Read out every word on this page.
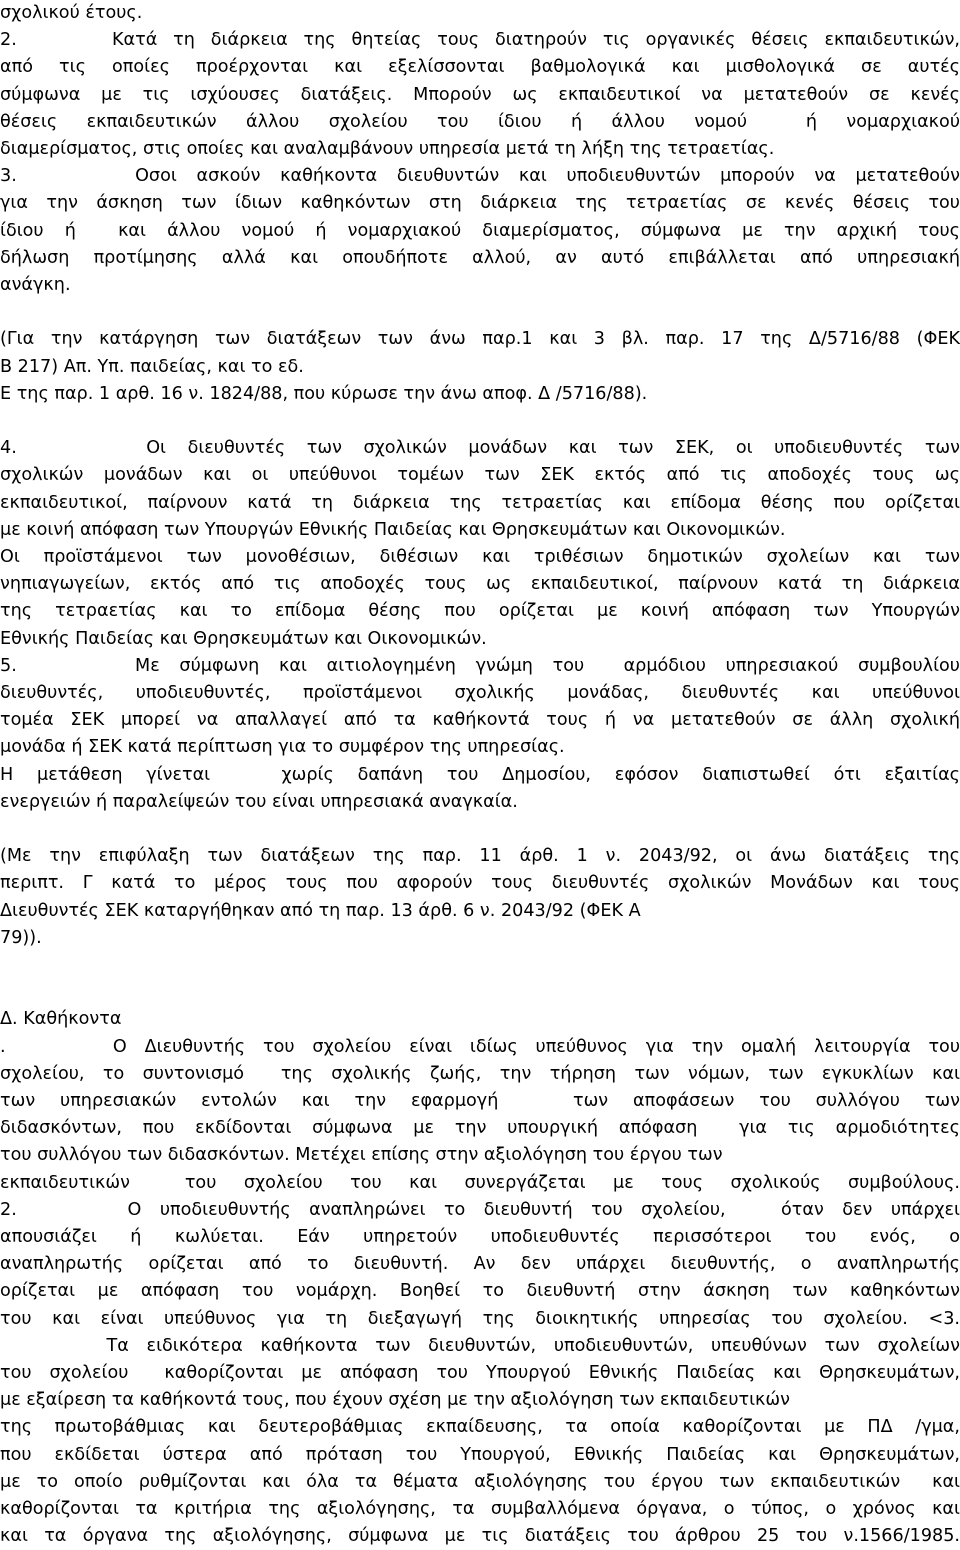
σχολικού έτους.
2.      Κατά τη διάρκεια της θητείας τους διατηρούν τις οργανικές θέσεις εκπαιδευτικών,
από τις οποίες προέρχονται και εξελίσσονται βαθμολογικά και μισθολογικά σε αυτές
σύμφωνα με τις ισχύουσες διατάξεις. Μπορούν ως εκπαιδευτικοί να μετατεθούν σε κενές
θέσεις εκπαιδευτικών άλλου σχολείου του ίδιου ή άλλου νομού  ή νομαρχιακού
διαμερίσματος, στις οποίες και αναλαμβάνουν υπηρεσία μετά τη λήξη της τετραετίας.
3.      Οσοι ασκούν καθήκοντα διευθυντών και υποδιευθυντών μπορούν να μετατεθούν
για την άσκηση των ίδιων καθηκόντων στη διάρκεια της τετραετίας σε κενές θέσεις του
ίδιου ή  και άλλου νομού ή νομαρχιακού διαμερίσματος, σύμφωνα με την αρχική τους
δήλωση προτίμησης αλλά και οπουδήποτε αλλού, αν αυτό επιβάλλεται από υπηρεσιακή
ανάγκη.
(Για την κατάργηση των διατάξεων των άνω παρ.1 και 3 βλ. παρ. 17 της Δ/5716/88 (ΦΕΚ
Β 217) Απ. Υπ. παιδείας, και το εδ.
Ε της παρ. 1 αρθ. 16 ν. 1824/88, που κύρωσε την άνω αποφ. Δ /5716/88).
4.      Οι διευθυντές των σχολικών μονάδων και των ΣΕΚ, οι υποδιευθυντές των
σχολικών μονάδων και οι υπεύθυνοι τομέων των ΣΕΚ εκτός από τις αποδοχές τους ως
εκπαιδευτικοί, παίρνουν κατά τη διάρκεια της τετραετίας και επίδομα θέσης που ορίζεται
με κοινή απόφαση των Υπουργών Εθνικής Παιδείας και Θρησκευμάτων και Οικονομικών.
Οι προϊστάμενοι των μονοθέσιων, διθέσιων και τριθέσιων δημοτικών σχολείων και των
νηπιαγωγείων, εκτός από τις αποδοχές τους ως εκπαιδευτικοί, παίρνουν κατά τη διάρκεια
της τετραετίας και το επίδομα θέσης που ορίζεται με κοινή απόφαση των Υπουργών
Εθνικής Παιδείας και Θρησκευμάτων και Οικονομικών.
5.      Με σύμφωνη και αιτιολογημένη γνώμη του  αρμόδιου υπηρεσιακού συμβουλίου
διευθυντές, υποδιευθυντές, προϊστάμενοι σχολικής μονάδας, διευθυντές και υπεύθυνοι
τομέα ΣΕΚ μπορεί να απαλλαγεί από τα καθήκοντά τους ή να μετατεθούν σε άλλη σχολική
μονάδα ή ΣΕΚ κατά περίπτωση για το συμφέρον της υπηρεσίας.
Η μετάθεση γίνεται   χωρίς δαπάνη του Δημοσίου, εφόσον διαπιστωθεί ότι εξαιτίας
ενεργειών ή παραλείψεών του είναι υπηρεσιακά αναγκαία.
(Με την επιφύλαξη των διατάξεων της παρ. 11 άρθ. 1 ν. 2043/92, οι άνω διατάξεις της
περιπτ. Γ κατά το μέρος τους που αφορούν τους διευθυντές σχολικών Μονάδων και τους
Διευθυντές ΣΕΚ καταργήθηκαν από τη παρ. 13 άρθ. 6 ν. 2043/92 (ΦΕΚ Α
79)).
Δ. Καθήκοντα
.      Ο Διευθυντής του σχολείου είναι ιδίως υπεύθυνος για την ομαλή λειτουργία του
σχολείου, το συντονισμό  της σχολικής ζωής, την τήρηση των νόμων, των εγκυκλίων και
των υπηρεσιακών εντολών και την εφαρμογή   των αποφάσεων του συλλόγου των
διδασκόντων, που εκδίδονται σύμφωνα με την υπουργική απόφαση  για τις αρμοδιότητες
του συλλόγου των διδασκόντων. Μετέχει επίσης στην αξιολόγηση του έργου των
εκπαιδευτικών  του σχολείου του και συνεργάζεται με τους σχολικούς συμβούλους.
2.      Ο υποδιευθυντής αναπληρώνει το διευθυντή του σχολείου,   όταν δεν υπάρχει
απουσιάζει ή κωλύεται. Εάν υπηρετούν υποδιευθυντές περισσότεροι του ενός, ο
αναπληρωτής ορίζεται από το διευθυντή. Αν δεν υπάρχει διευθυντής, ο αναπληρωτής
ορίζεται με απόφαση του νομάρχη. Βοηθεί το διευθυντή στην άσκηση των καθηκόντων
του και είναι υπεύθυνος για τη διεξαγωγή της διοικητικής υπηρεσίας του σχολείου. <3.
Τα ειδικότερα καθήκοντα των διευθυντών, υποδιευθυντών, υπευθύνων των σχολείων
του σχολείου  καθορίζονται με απόφαση του Υπουργού Εθνικής Παιδείας και Θρησκευμάτων,
με εξαίρεση τα καθήκοντά τους, που έχουν σχέση με την αξιολόγηση των εκπαιδευτικών
της πρωτοβάθμιας και δευτεροβάθμιας εκπαίδευσης, τα οποία καθορίζονται με ΠΔ /γμα,
που εκδίδεται ύστερα από πρόταση του Υπουργού, Εθνικής Παιδείας και Θρησκευμάτων,
με το οποίο ρυθμίζονται και όλα τα θέματα αξιολόγησης του έργου των εκπαιδευτικών  και
καθορίζονται τα κριτήρια της αξιολόγησης, τα συμβαλλόμενα όργανα, ο τύπος, ο χρόνος και
και τα όργανα της αξιολόγησης, σύμφωνα με τις διατάξεις του άρθρου 25 του ν.1566/1985.
